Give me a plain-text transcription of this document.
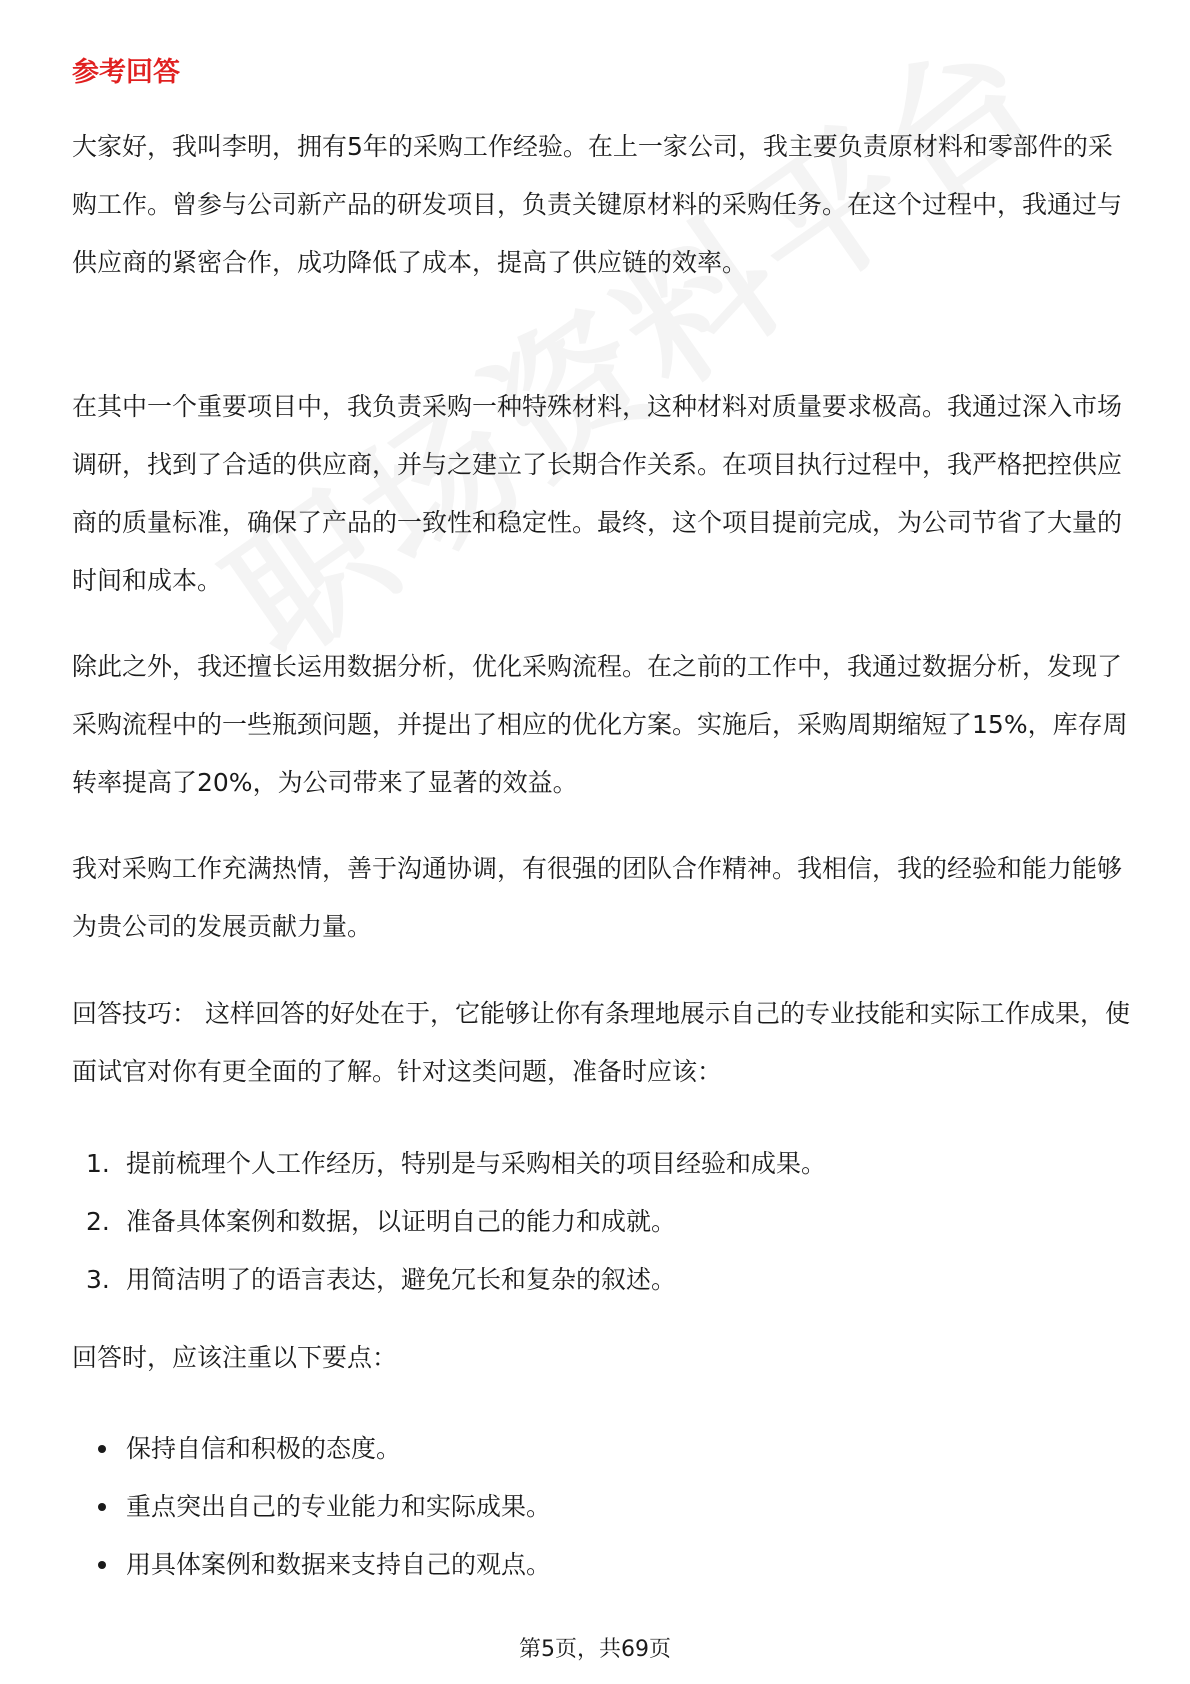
参考回答
大家好，我叫李明，拥有5年的采购工作经验。在上一家公司，我主要负责原材料和零部件的采购工作。曾参与公司新产品的研发项目，负责关键原材料的采购任务。在这个过程中，我通过与供应商的紧密合作，成功降低了成本，提高了供应链的效率。
在其中一个重要项目中，我负责采购一种特殊材料，这种材料对质量要求极高。我通过深入市场调研，找到了合适的供应商，并与之建立了长期合作关系。在项目执行过程中，我严格把控供应商的质量标准，确保了产品的一致性和稳定性。最终，这个项目提前完成，为公司节省了大量的时间和成本。
除此之外，我还擅长运用数据分析，优化采购流程。在之前的工作中，我通过数据分析，发现了采购流程中的一些瓶颈问题，并提出了相应的优化方案。实施后，采购周期缩短了15%，库存周转率提高了20%，为公司带来了显著的效益。
我对采购工作充满热情，善于沟通协调，有很强的团队合作精神。我相信，我的经验和能力能够为贵公司的发展贡献力量。
回答技巧： 这样回答的好处在于，它能够让你有条理地展示自己的专业技能和实际工作成果，使面试官对你有更全面的了解。针对这类问题，准备时应该：
1. 提前梳理个人工作经历，特别是与采购相关的项目经验和成果。
2. 准备具体案例和数据，以证明自己的能力和成就。
3. 用简洁明了的语言表达，避免冗长和复杂的叙述。
回答时，应该注重以下要点：
保持自信和积极的态度。
重点突出自己的专业能力和实际成果。
用具体案例和数据来支持自己的观点。
第5页，共69页
